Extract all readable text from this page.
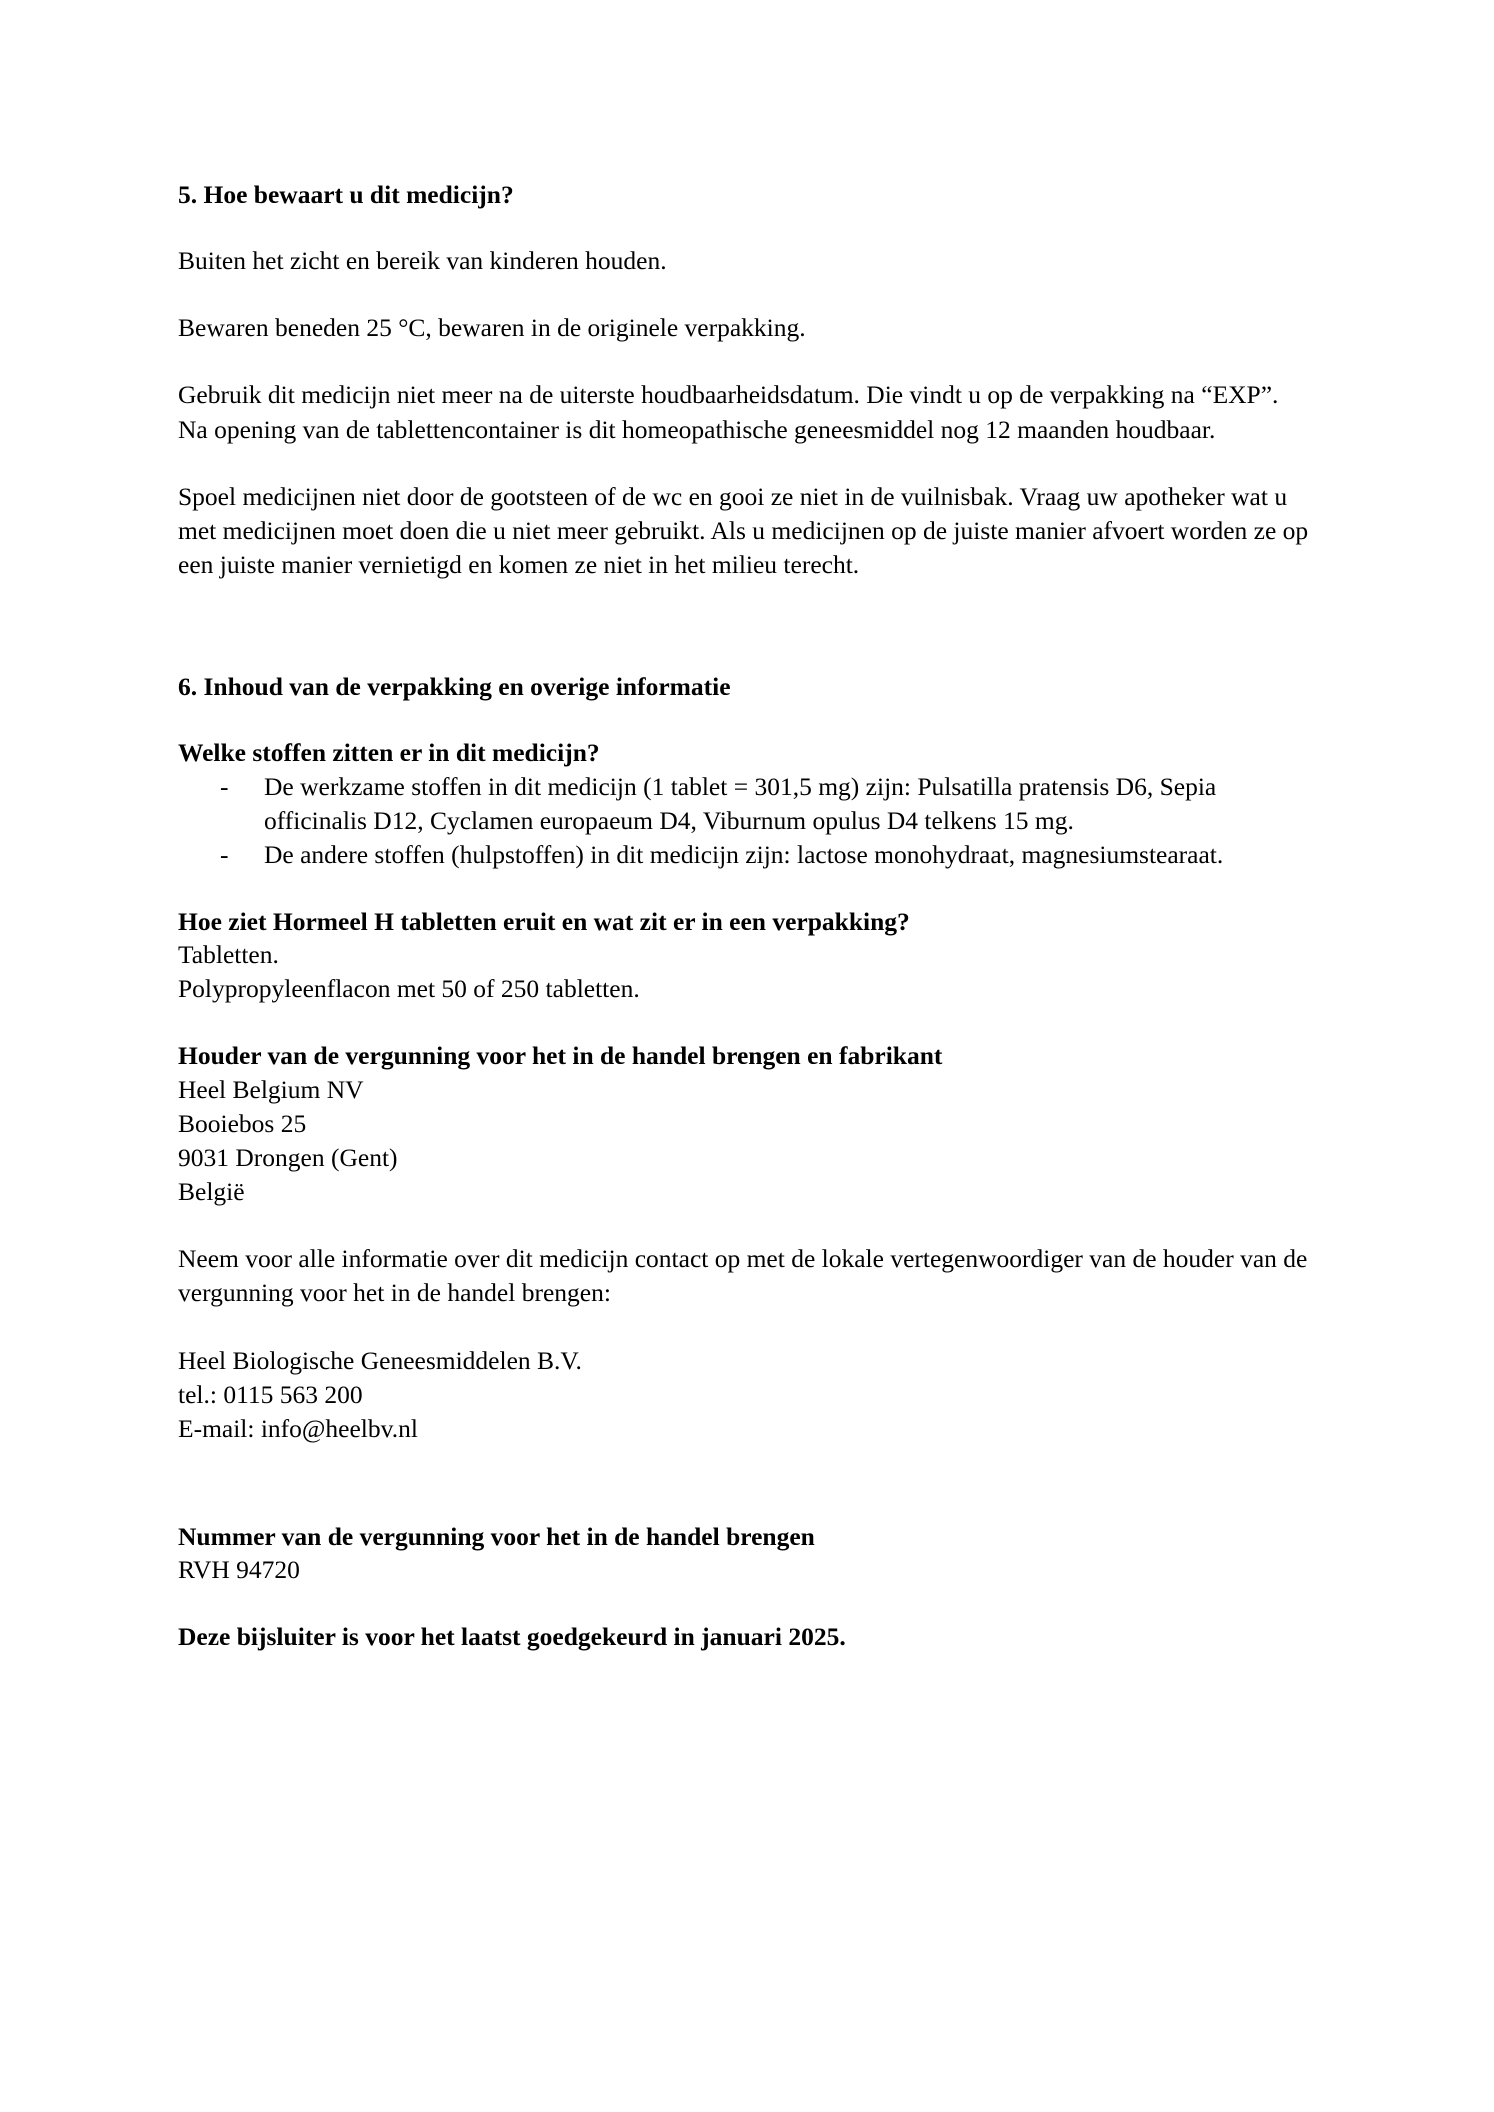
5. Hoe bewaart u dit medicijn?

Buiten het zicht en bereik van kinderen houden.

Bewaren beneden 25 °C, bewaren in de originele verpakking.

Gebruik dit medicijn niet meer na de uiterste houdbaarheidsdatum. Die vindt u op de verpakking na “EXP”.

Na opening van de tablettencontainer is dit homeopathische geneesmiddel nog 12 maanden houdbaar.

Spoel medicijnen niet door de gootsteen of de wc en gooi ze niet in de vuilnisbak. Vraag uw apotheker wat u met medicijnen moet doen die u niet meer gebruikt. Als u medicijnen op de juiste manier afvoert worden ze op een juiste manier vernietigd en komen ze niet in het milieu terecht.

6. Inhoud van de verpakking en overige informatie
Welke stoffen zitten er in dit medicijn?
- De werkzame stoffen in dit medicijn (1 tablet = 301,5 mg) zijn: Pulsatilla pratensis D6, Sepia officinalis D12, Cyclamen europaeum D4, Viburnum opulus D4 telkens 15 mg.
- De andere stoffen (hulpstoffen) in dit medicijn zijn: lactose monohydraat, magnesiumstearaat.
Hoe ziet Hormeel H tabletten eruit en wat zit er in een verpakking?

Tabletten.

Polypropyleenflacon met 50 of 250 tabletten.

Houder van de vergunning voor het in de handel brengen en fabrikant

Heel Belgium NV

Booiebos 25

9031 Drongen (Gent)

België

Neem voor alle informatie over dit medicijn contact op met de lokale vertegenwoordiger van de houder van de vergunning voor het in de handel brengen:

Heel Biologische Geneesmiddelen B.V.

tel.: 0115 563 200

E-mail: info@heelbv.nl

Nummer van de vergunning voor het in de handel brengen

RVH 94720

Deze bijsluiter is voor het laatst goedgekeurd in januari 2025.
